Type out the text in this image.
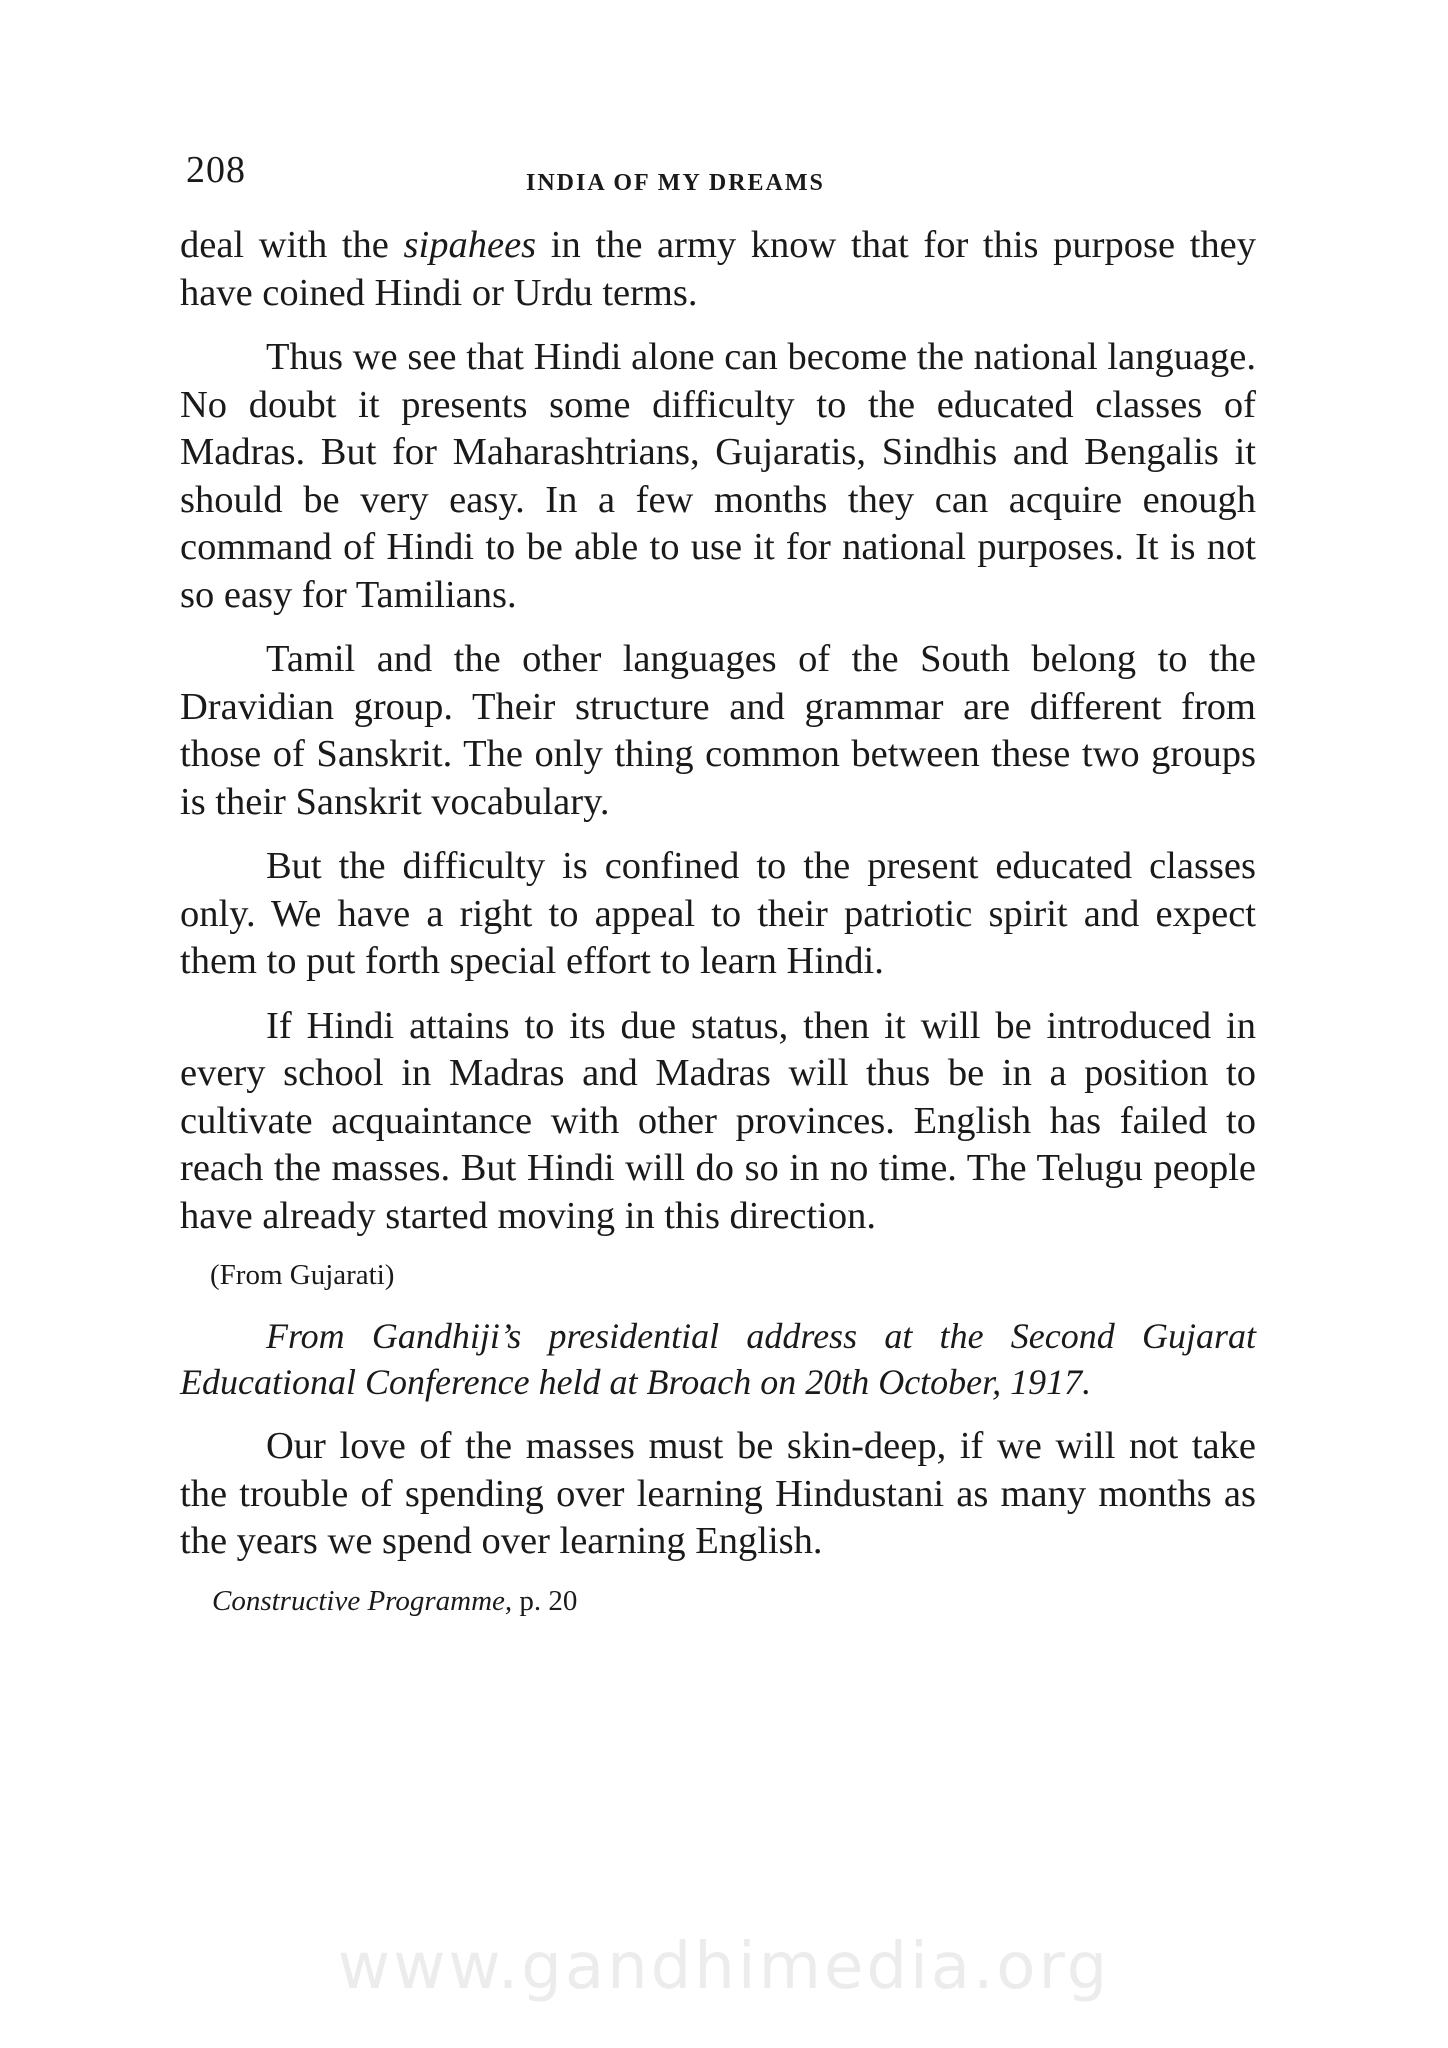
208	INDIA OF MY DREAMS

deal with the sipahees in the army know that for this purpose they have coined Hindi or Urdu terms.

Thus we see that Hindi alone can become the national language. No doubt it presents some difficulty to the educated classes of Madras. But for Maharashtrians, Gujaratis, Sindhis and Bengalis it should be very easy. In a few months they can acquire enough command of Hindi to be able to use it for national purposes. It is not so easy for Tamilians.

Tamil and the other languages of the South belong to the Dravidian group. Their structure and grammar are different from those of Sanskrit. The only thing common between these two groups is their Sanskrit vocabulary.

But the difficulty is confined to the present educated classes only. We have a right to appeal to their patriotic spirit and expect them to put forth special effort to learn Hindi.

If Hindi attains to its due status, then it will be introduced in every school in Madras and Madras will thus be in a position to cultivate acquaintance with other provinces. English has failed to reach the masses. But Hindi will do so in no time. The Telugu people have already started moving in this direction.

(From Gujarati)

From Gandhiji’s presidential address at the Second Gujarat Educational Conference held at Broach on 20th October, 1917.

Our love of the masses must be skin-deep, if we will not take the trouble of spending over learning Hindustani as many months as the years we spend over learning English.

Constructive Programme, p. 20
www.gandhimedia.org
